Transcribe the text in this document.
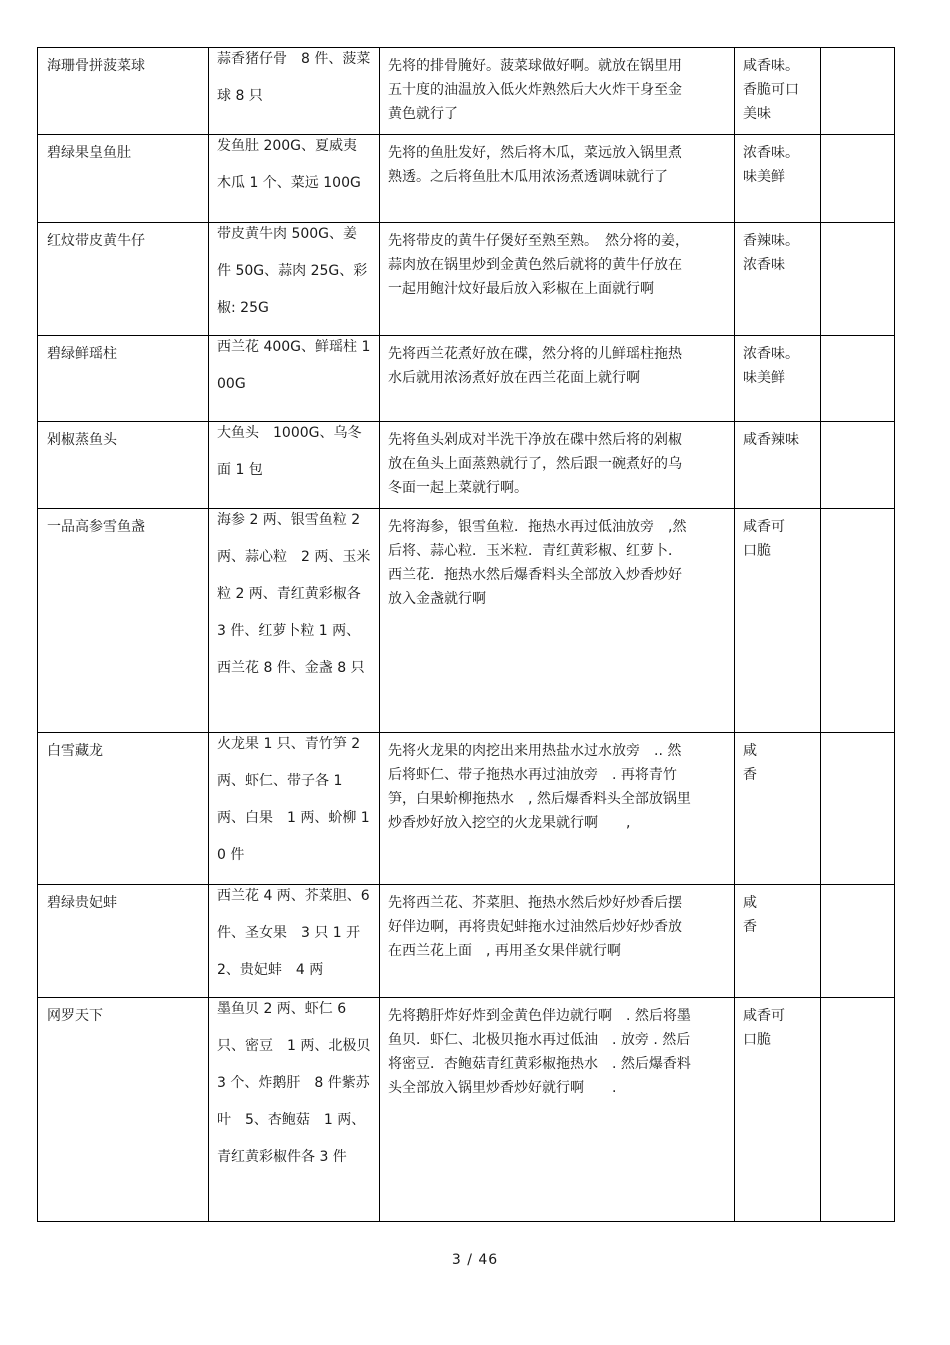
海珊骨拼菠菜球	蒜香猪仔骨　8 件、菠菜球 8 只	先将的排骨腌好。菠菜球做好啊。就放在锅里用五十度的油温放入低火炸熟然后大火炸干身至金黄色就行了	咸香味。香脆可口美味	

碧绿果皇鱼肚	发鱼肚 200G、夏威夷木瓜 1 个、菜远 100G	先将的鱼肚发好，然后将木瓜，菜远放入锅里煮熟透。之后将鱼肚木瓜用浓汤煮透调味就行了	浓香味。味美鲜	

红炆带皮黄牛仔	带皮黄牛肉 500G、姜件 50G、蒜肉 25G、彩椒: 25G	先将带皮的黄牛仔煲好至熟至熟。　然分将的姜，蒜肉放在锅里炒到金黄色然后就将的黄牛仔放在一起用鲍汁炆好最后放入彩椒在上面就行啊	香辣味。浓香味	

碧绿鲜瑶柱	西兰花 400G、鲜瑶柱 100G	先将西兰花煮好放在碟，然分将的儿鲜瑶柱拖热水后就用浓汤煮好放在西兰花面上就行啊	浓香味。味美鲜	

剁椒蒸鱼头	大鱼头　1000G、乌冬面 1 包	先将鱼头剁成对半洗干净放在碟中然后将的剁椒放在鱼头上面蒸熟就行了，然后跟一碗煮好的乌冬面一起上菜就行啊。	咸香辣味	

一品高参雪鱼盏	海参 2 两、银雪鱼粒 2 两、蒜心粒　2 两、玉米粒 2 两、青红黄彩椒各 3 件、红萝卜粒 1 两、西兰花 8 件、金盏 8 只	先将海参，银雪鱼粒．拖热水再过低油放旁　,然后将、蒜心粒．玉米粒．青红黄彩椒、红萝卜．西兰花．拖热水然后爆香料头全部放入炒香炒好放入金盏就行啊	咸香可口脆	

白雪藏龙	火龙果 1 只、青竹笋 2 两、虾仁、带子各 1 两、白果　1 两、蚧柳 10 件	先将火龙果的肉挖出来用热盐水过水放旁　.. 然后将虾仁、带子拖热水再过油放旁　. 再将青竹笋，白果蚧柳拖热水　, 然后爆香料头全部放锅里炒香炒好放入挖空的火龙果就行啊　　,	咸香	

碧绿贵妃蚌	西兰花 4 两、芥菜胆、6 件、圣女果　3 只 1 开 2、贵妃蚌　4 两	先将西兰花、芥菜胆、拖热水然后炒好炒香后摆好伴边啊，再将贵妃蚌拖水过油然后炒好炒香放在西兰花上面　, 再用圣女果伴就行啊	咸香	

网罗天下	墨鱼贝 2 两、虾仁 6 只、密豆　1 两、北极贝 3 个、炸鹅肝　8 件紫苏叶　5、杏鲍菇　1 两、青红黄彩椒件各 3 件	先将鹅肝炸好炸到金黄色伴边就行啊　. 然后将墨鱼贝．虾仁、北极贝拖水再过低油　. 放旁 . 然后将密豆．杏鲍菇青红黄彩椒拖热水　. 然后爆香料头全部放入锅里炒香炒好就行啊　　.	咸香可口脆	

3 / 46
